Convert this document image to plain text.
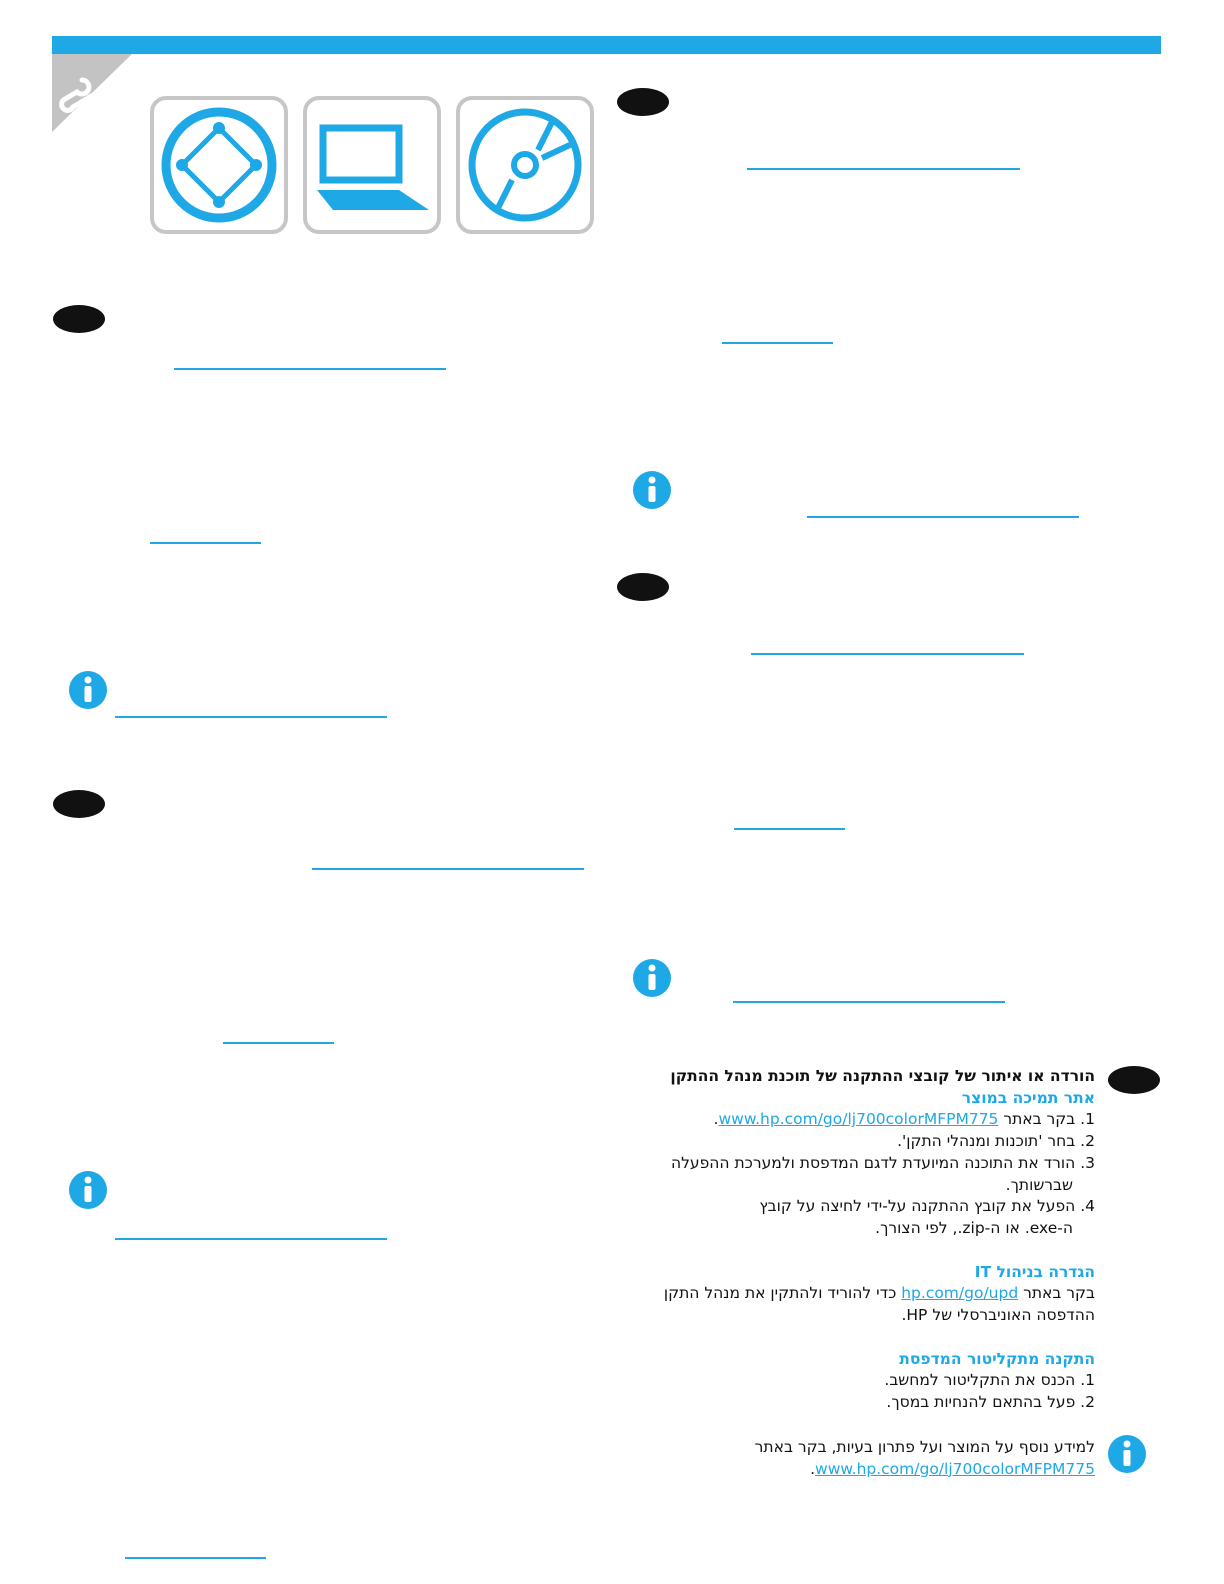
הורדה או איתור של קובצי ההתקנה של תוכנת מנהל ההתקן
אתר תמיכה במוצר
1. בקר באתר www.hp.com/go/lj700colorMFPM775.
2. בחר 'תוכנות ומנהלי התקן'.
3. הורד את התוכנה המיועדת לדגם המדפסת ולמערכת ההפעלה
שברשותך.
4. הפעל את קובץ ההתקנה על-ידי לחיצה על קובץ
ה-exe. או ה-zip., לפי הצורך.
הגדרה בניהול IT
בקר באתר hp.com/go/upd כדי להוריד ולהתקין את מנהל התקן
ההדפסה האוניברסלי של HP.
התקנה מתקליטור המדפסת
1. הכנס את התקליטור למחשב.
2. פעל בהתאם להנחיות במסך.
למידע נוסף על המוצר ועל פתרון בעיות, בקר באתר
www.hp.com/go/lj700colorMFPM775.
